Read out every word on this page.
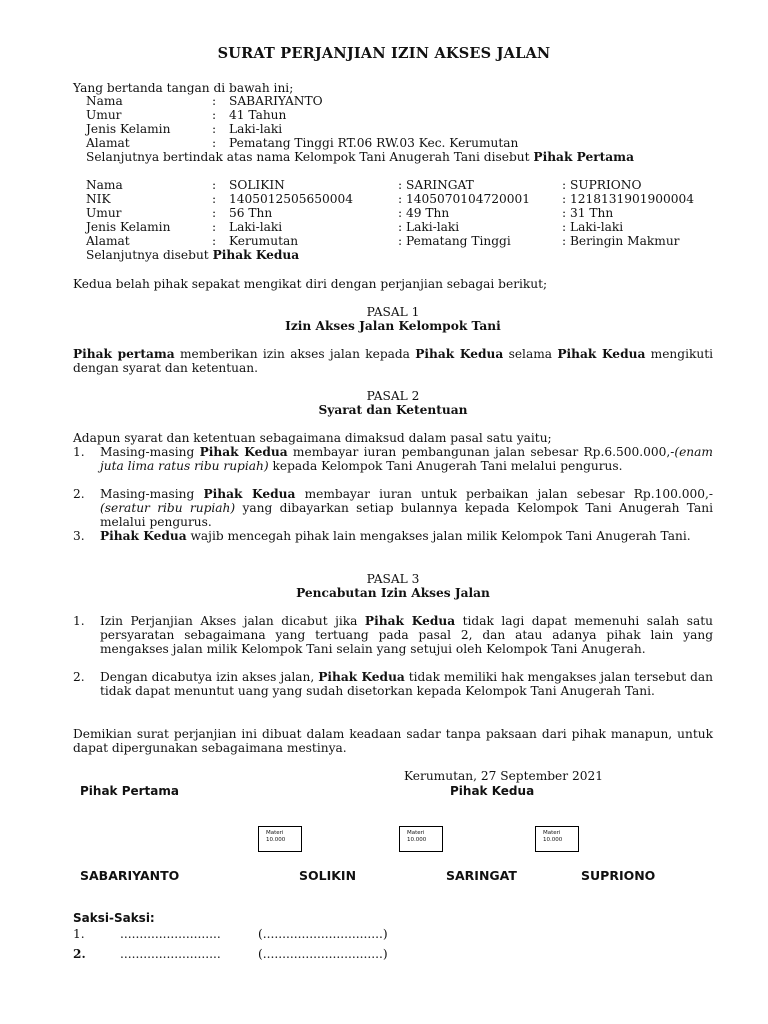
SURAT PERJANJIAN IZIN AKSES JALAN
Yang bertanda tangan di bawah ini;
Nama	: SABARIYANTO
Umur	: 41 Tahun
Jenis Kelamin	: Laki-laki
Alamat	: Pematang Tinggi RT.06 RW.03 Kec. Kerumutan
Selanjutnya bertindak atas nama Kelompok Tani Anugerah Tani disebut Pihak Pertama
Nama	: SOLIKIN	: SARINGAT	: SUPRIONO
NIK	: 1405012505650004	: 1405070104720001	: 1218131901900004
Umur	: 56 Thn	: 49 Thn	: 31 Thn
Jenis Kelamin	: Laki-laki	: Laki-laki	: Laki-laki
Alamat	: Kerumutan	: Pematang Tinggi	: Beringin Makmur
Selanjutnya disebut Pihak Kedua
Kedua belah pihak sepakat mengikat diri dengan perjanjian sebagai berikut;
PASAL 1
Izin Akses Jalan Kelompok Tani
Pihak pertama memberikan izin akses jalan kepada Pihak Kedua selama Pihak Kedua mengikuti dengan syarat dan ketentuan.
PASAL 2
Syarat dan Ketentuan
Adapun syarat dan ketentuan sebagaimana dimaksud dalam pasal satu yaitu;
1.	Masing-masing Pihak Kedua membayar iuran pembangunan jalan sebesar Rp.6.500.000,-(enam juta lima ratus ribu rupiah) kepada Kelompok Tani Anugerah Tani melalui pengurus.
2.	Masing-masing Pihak Kedua membayar iuran untuk perbaikan jalan sebesar Rp.100.000,- (seratur ribu rupiah) yang dibayarkan setiap bulannya kepada Kelompok Tani Anugerah Tani melalui pengurus.
3.	Pihak Kedua wajib mencegah pihak lain mengakses jalan milik Kelompok Tani Anugerah Tani.
PASAL 3
Pencabutan Izin Akses Jalan
1.	Izin Perjanjian Akses jalan dicabut jika Pihak Kedua tidak lagi dapat memenuhi salah satu persyaratan sebagaimana yang tertuang pada pasal 2, dan atau adanya pihak lain yang mengakses jalan milik Kelompok Tani selain yang setujui oleh Kelompok Tani Anugerah.
2.	Dengan dicabutya izin akses jalan, Pihak Kedua tidak memiliki hak mengakses jalan tersebut dan tidak dapat menuntut uang yang sudah disetorkan kepada Kelompok Tani Anugerah Tani.
Demikian surat perjanjian ini dibuat dalam keadaan sadar tanpa paksaan dari pihak manapun, untuk dapat dipergunakan sebagaimana mestinya.
Kerumutan, 27 September 2021
Pihak Pertama	Pihak Kedua
Materi
10.000
Materi
10.000
Materi
10.000
SABARIYANTO	SOLIKIN	SARINGAT	SUPRIONO
Saksi-Saksi:
1.	..........................	(...............................)
2.	..........................	(...............................)
